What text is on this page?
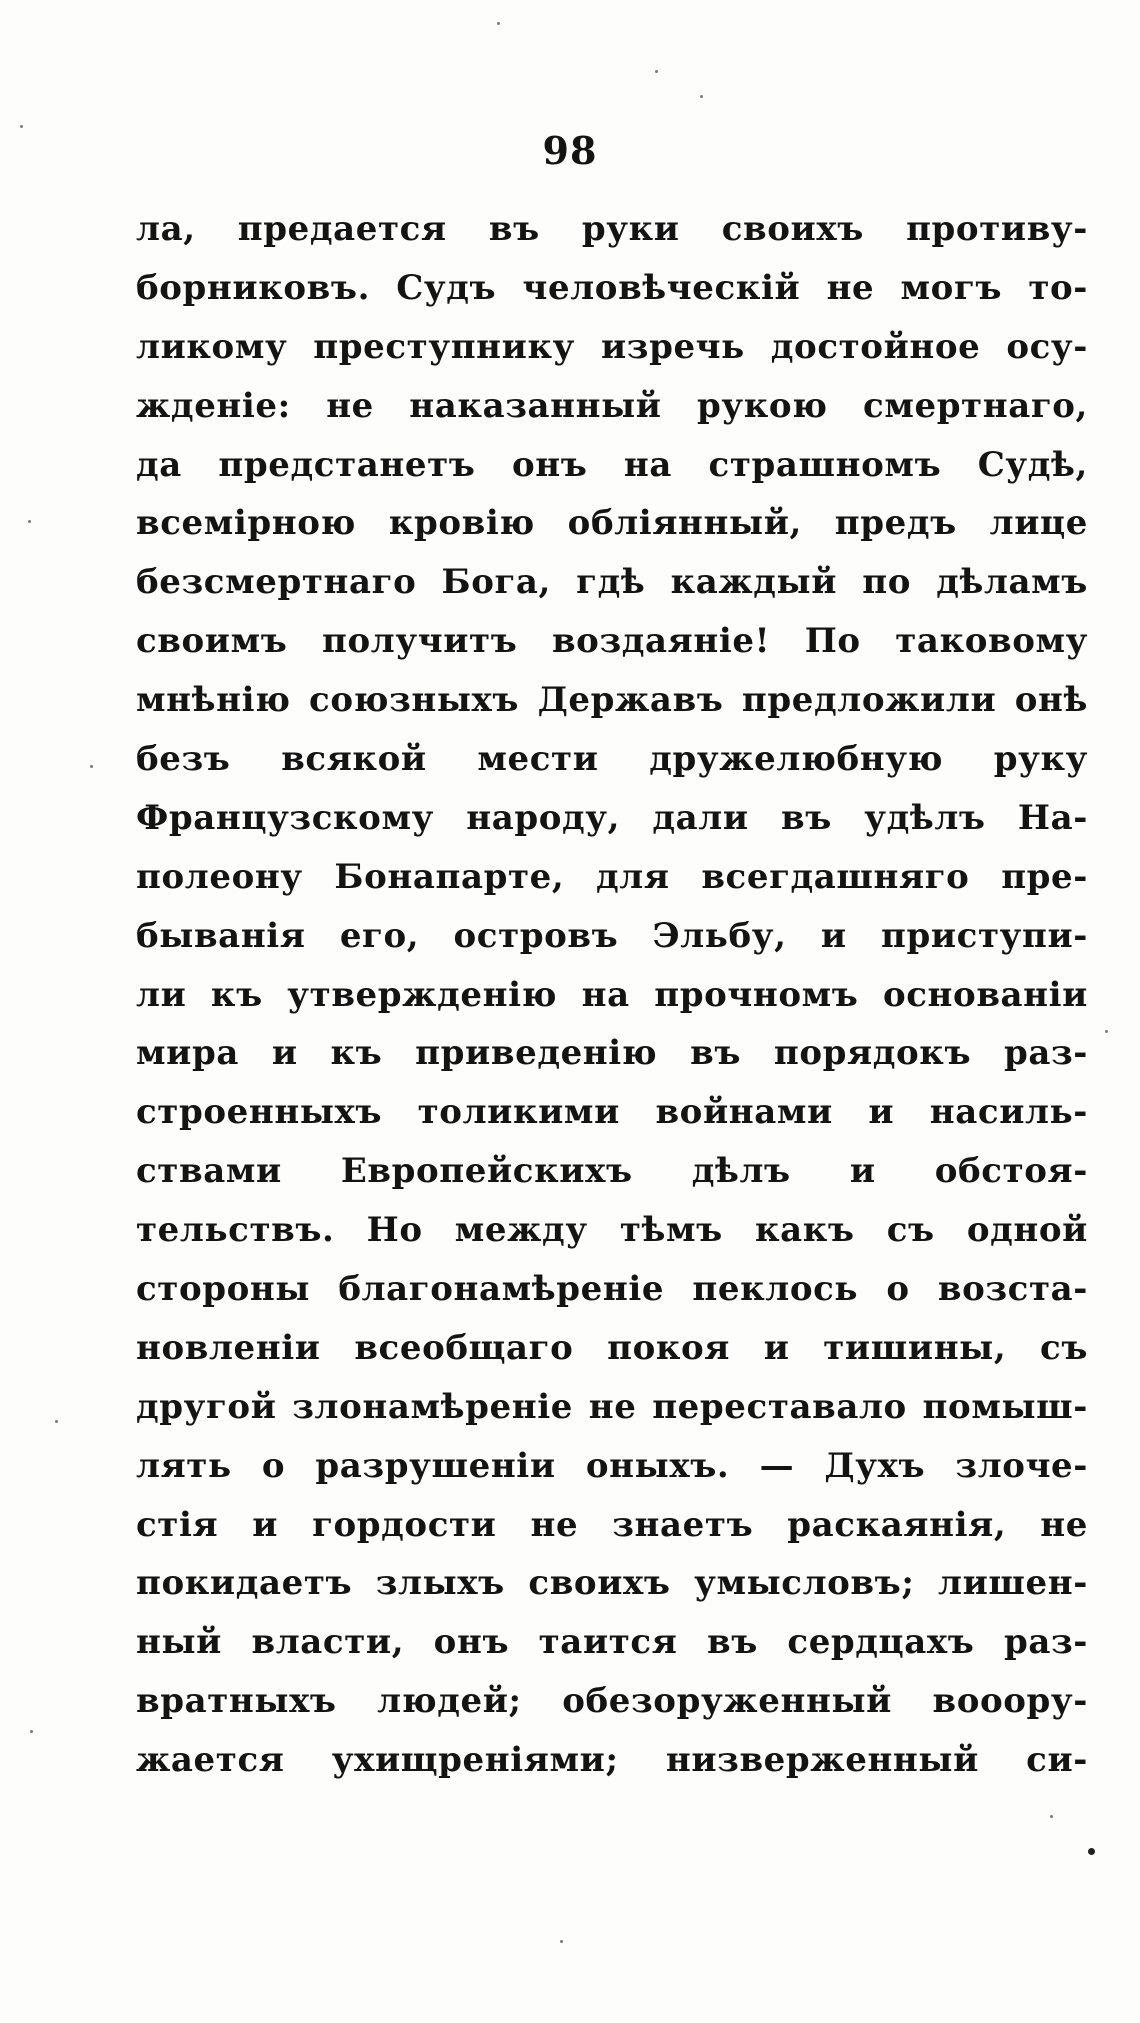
98
ла, предается въ руки своихъ противу-
борниковъ. Судъ человѣческій не могъ то-
ликому преступнику изречь достойное осу-
жденіе: не наказанный рукою смертнаго,
да предстанетъ онъ на страшномъ Судѣ,
всемірною кровію облiянный, предъ лице
безсмертнаго Бога, гдѣ каждый по дѣламъ
своимъ получитъ воздаяніе! По таковому
мнѣнію союзныхъ Державъ предложили онѣ
безъ всякой мести дружелюбную руку
Французскому народу, дали въ удѣлъ На-
полеону Бонапарте, для всегдашняго пре-
быванія его, островъ Эльбу, и приступи-
ли къ утвержденію на прочномъ основаніи
мира и къ приведенію въ порядокъ раз-
строенныхъ толикими войнами и насиль-
ствами Европейскихъ дѣлъ и обстоя-
тельствъ. Но между тѣмъ какъ съ одной
стороны благонамѣреніе пеклось о возста-
новленіи всеобщаго покоя и тишины, съ
другой злонамѣреніе не переставало помыш-
лять о разрушеніи оныхъ. — Духъ злоче-
стія и гордости не знаетъ раскаянія, не
покидаетъ злыхъ своихъ умысловъ; лишен-
ный власти, онъ таится въ сердцахъ раз-
вратныхъ людей; обезоруженный вооору-
жается ухищреніями; низверженный си-
